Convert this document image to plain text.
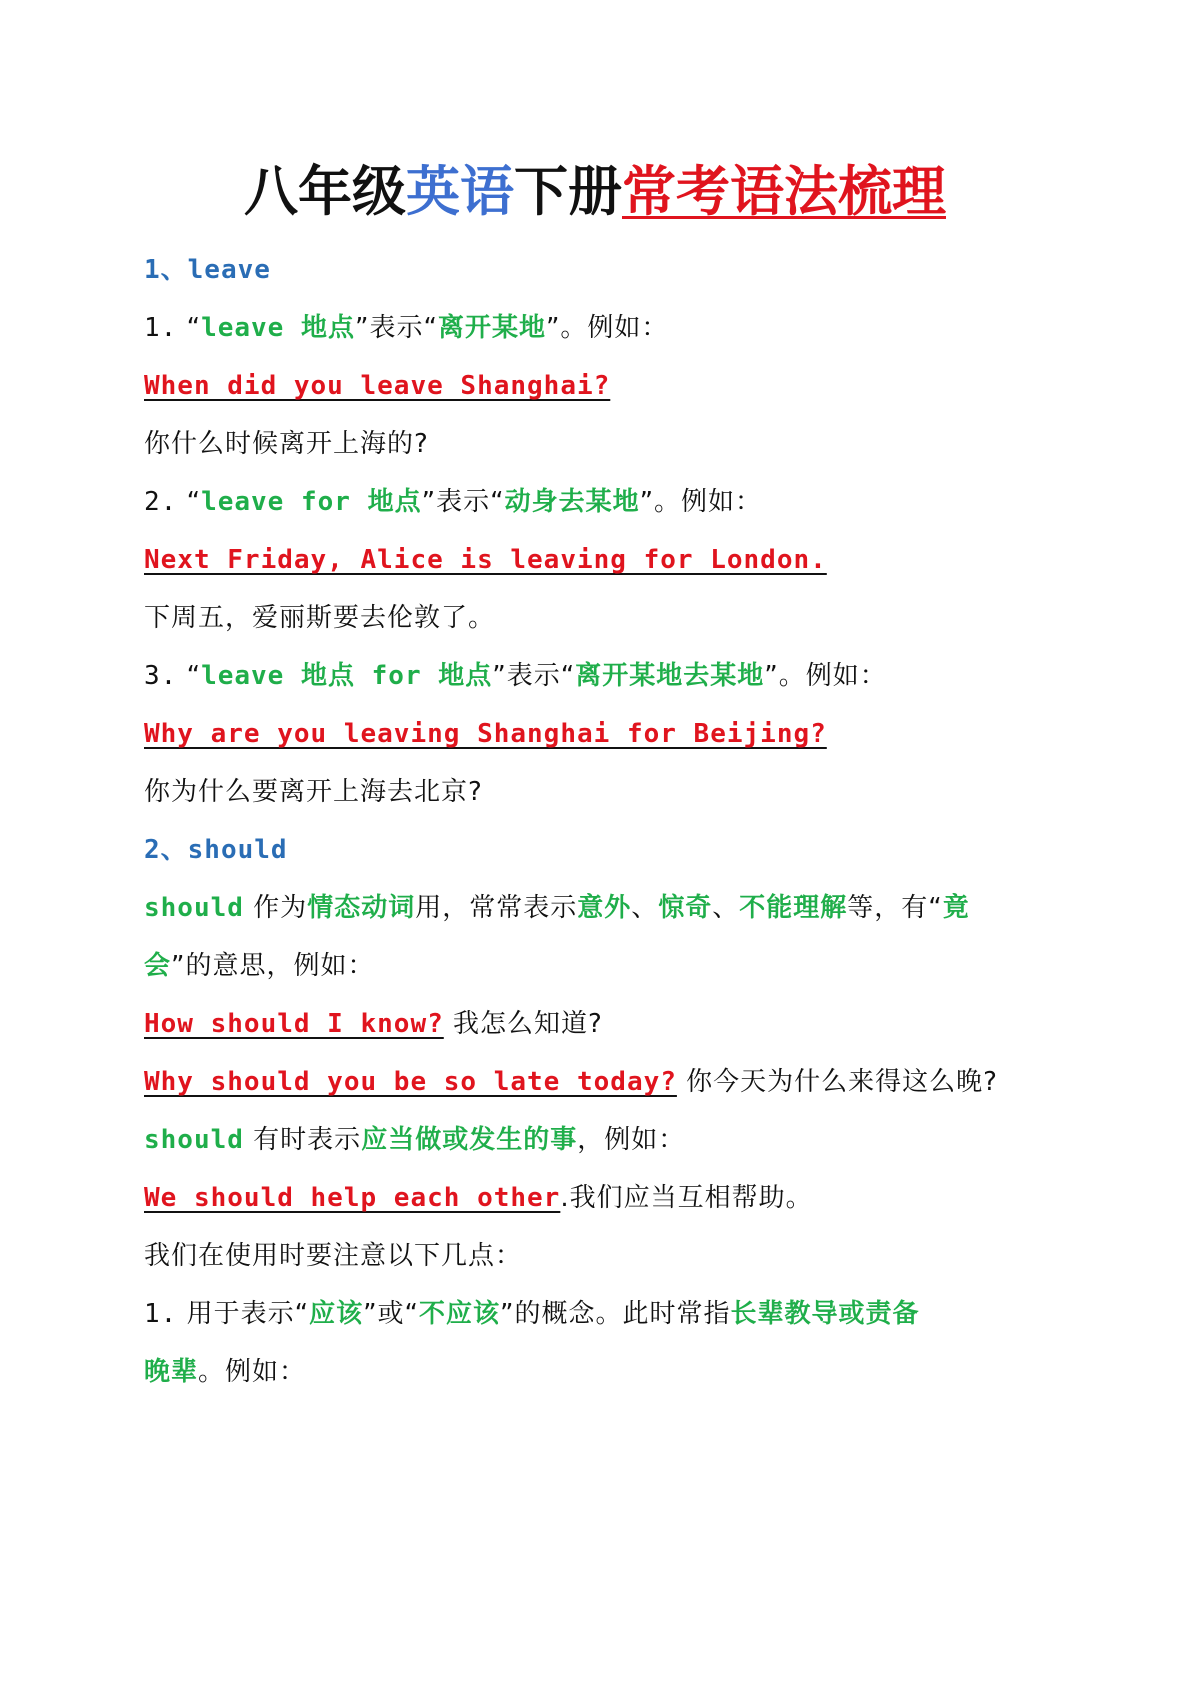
八年级英语下册常考语法梳理
1、leave
1. “leave 地点”表示“离开某地”。例如：
When did you leave Shanghai?
你什么时候离开上海的?
2. “leave for 地点”表示“动身去某地”。例如：
Next Friday, Alice is leaving for London.
下周五，爱丽斯要去伦敦了。
3. “leave 地点 for 地点”表示“离开某地去某地”。例如：
Why are you leaving Shanghai for Beijing?
你为什么要离开上海去北京?
2、should
should 作为情态动词用，常常表示意外、惊奇、不能理解等，有“竟
会”的意思，例如：
How should I know? 我怎么知道?
Why should you be so late today? 你今天为什么来得这么晚?
should 有时表示应当做或发生的事，例如：
We should help each other.我们应当互相帮助。
我们在使用时要注意以下几点：
1. 用于表示“应该”或“不应该”的概念。此时常指长辈教导或责备
晚辈。例如：
